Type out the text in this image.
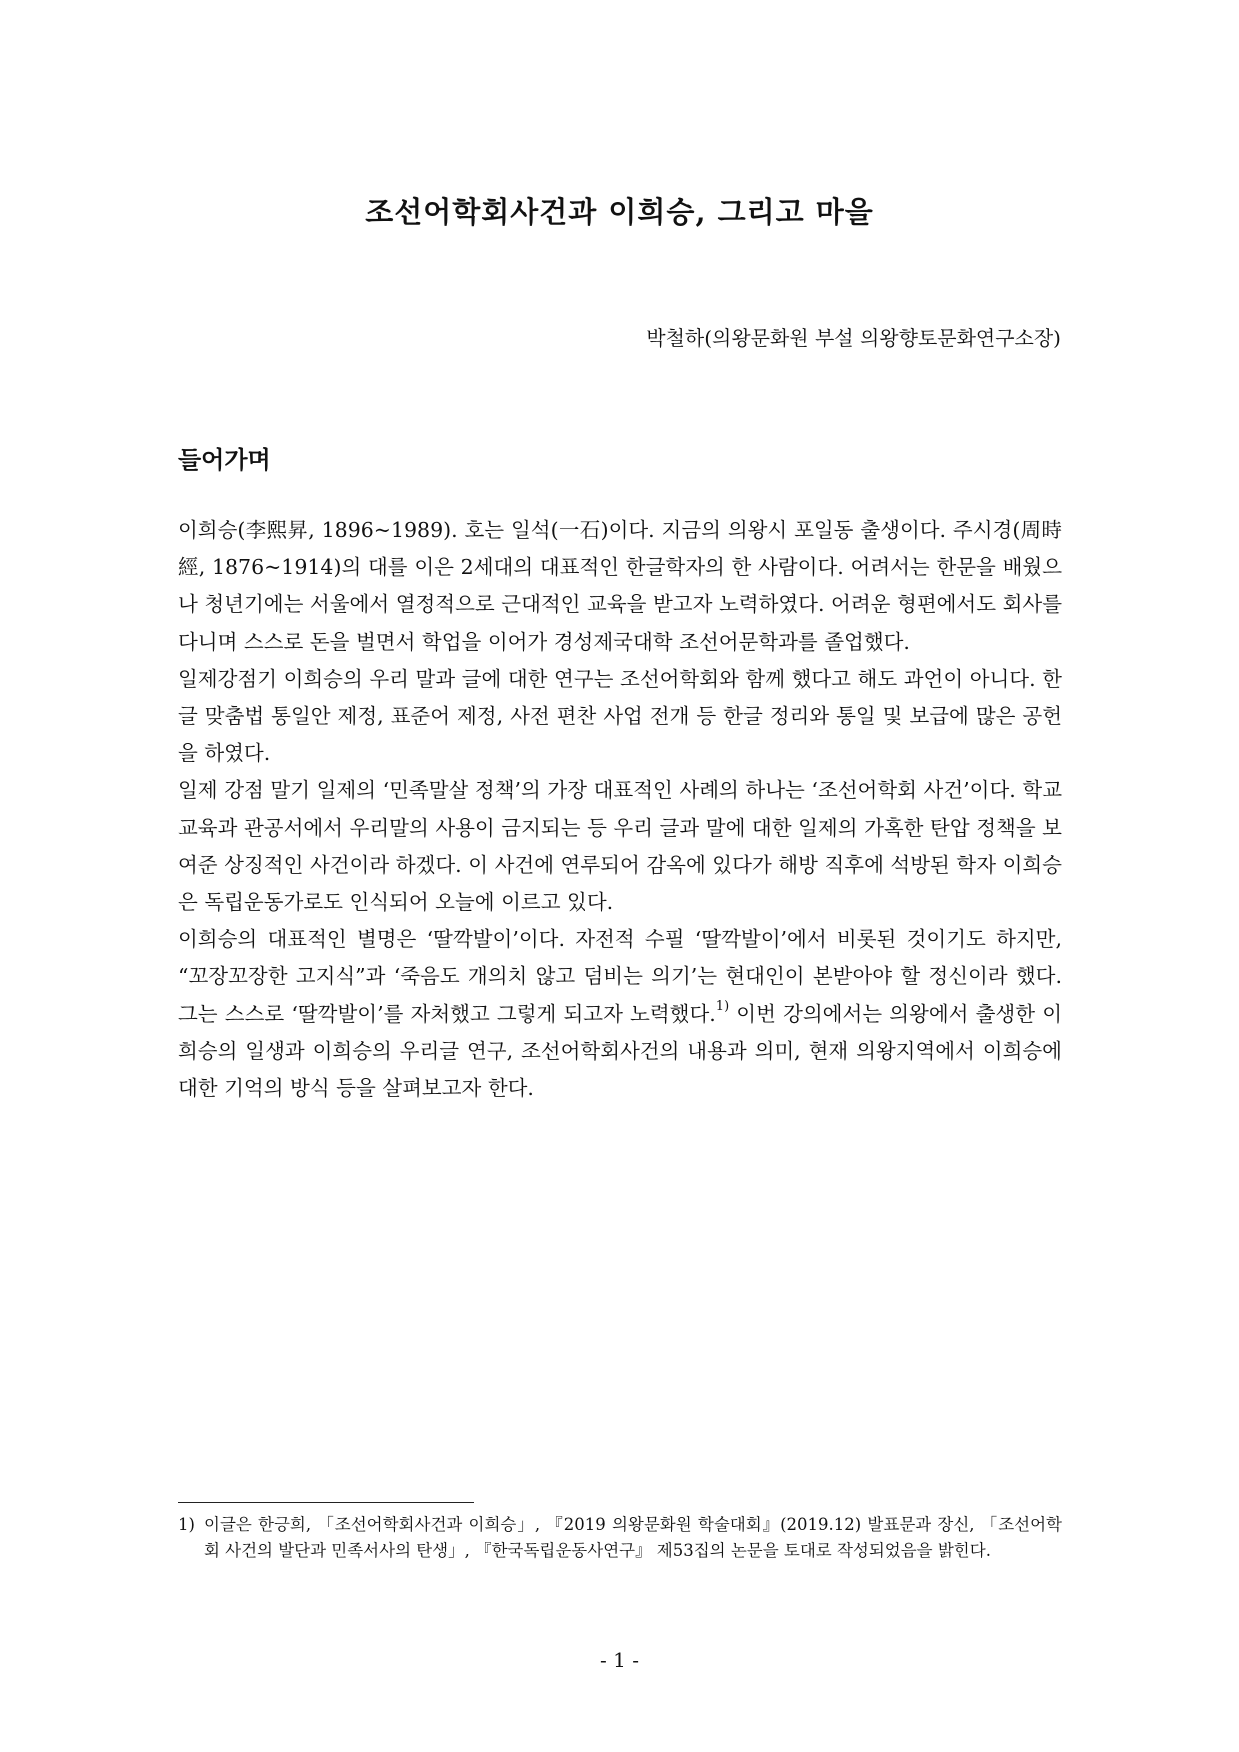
조선어학회사건과 이희승, 그리고 마을

박철하(의왕문화원 부설 의왕향토문화연구소장)

들어가며

이희승(李熙昇, 1896~1989). 호는 일석(一石)이다. 지금의 의왕시 포일동 출생이다. 주시경(周時經, 1876~1914)의 대를 이은 2세대의 대표적인 한글학자의 한 사람이다. 어려서는 한문을 배웠으나 청년기에는 서울에서 열정적으로 근대적인 교육을 받고자 노력하였다. 어려운 형편에서도 회사를 다니며 스스로 돈을 벌면서 학업을 이어가 경성제국대학 조선어문학과를 졸업했다.

일제강점기 이희승의 우리 말과 글에 대한 연구는 조선어학회와 함께 했다고 해도 과언이 아니다. 한글 맞춤법 통일안 제정, 표준어 제정, 사전 편찬 사업 전개 등 한글 정리와 통일 및 보급에 많은 공헌을 하였다.

일제 강점 말기 일제의 ‘민족말살 정책’의 가장 대표적인 사례의 하나는 ‘조선어학회 사건’이다. 학교 교육과 관공서에서 우리말의 사용이 금지되는 등 우리 글과 말에 대한 일제의 가혹한 탄압 정책을 보여준 상징적인 사건이라 하겠다. 이 사건에 연루되어 감옥에 있다가 해방 직후에 석방된 학자 이희승은 독립운동가로도 인식되어 오늘에 이르고 있다.

이희승의 대표적인 별명은 ‘딸깍발이’이다. 자전적 수필 ‘딸깍발이’에서 비롯된 것이기도 하지만, “꼬장꼬장한 고지식”과 ‘죽음도 개의치 않고 덤비는 의기’는 현대인이 본받아야 할 정신이라 했다. 그는 스스로 ‘딸깍발이’를 자처했고 그렇게 되고자 노력했다.$^{1)}$ 이번 강의에서는 의왕에서 출생한 이희승의 일생과 이희승의 우리글 연구, 조선어학회사건의 내용과 의미, 현재 의왕지역에서 이희승에 대한 기억의 방식 등을 살펴보고자 한다.

1) 이글은 한긍희, 「조선어학회사건과 이희승」, 『2019 의왕문화원 학술대회』(2019.12) 발표문과 장신, 「조선어학회 사건의 발단과 민족서사의 탄생」, 『한국독립운동사연구』 제53집의 논문을 토대로 작성되었음을 밝힌다.

- 1 -
